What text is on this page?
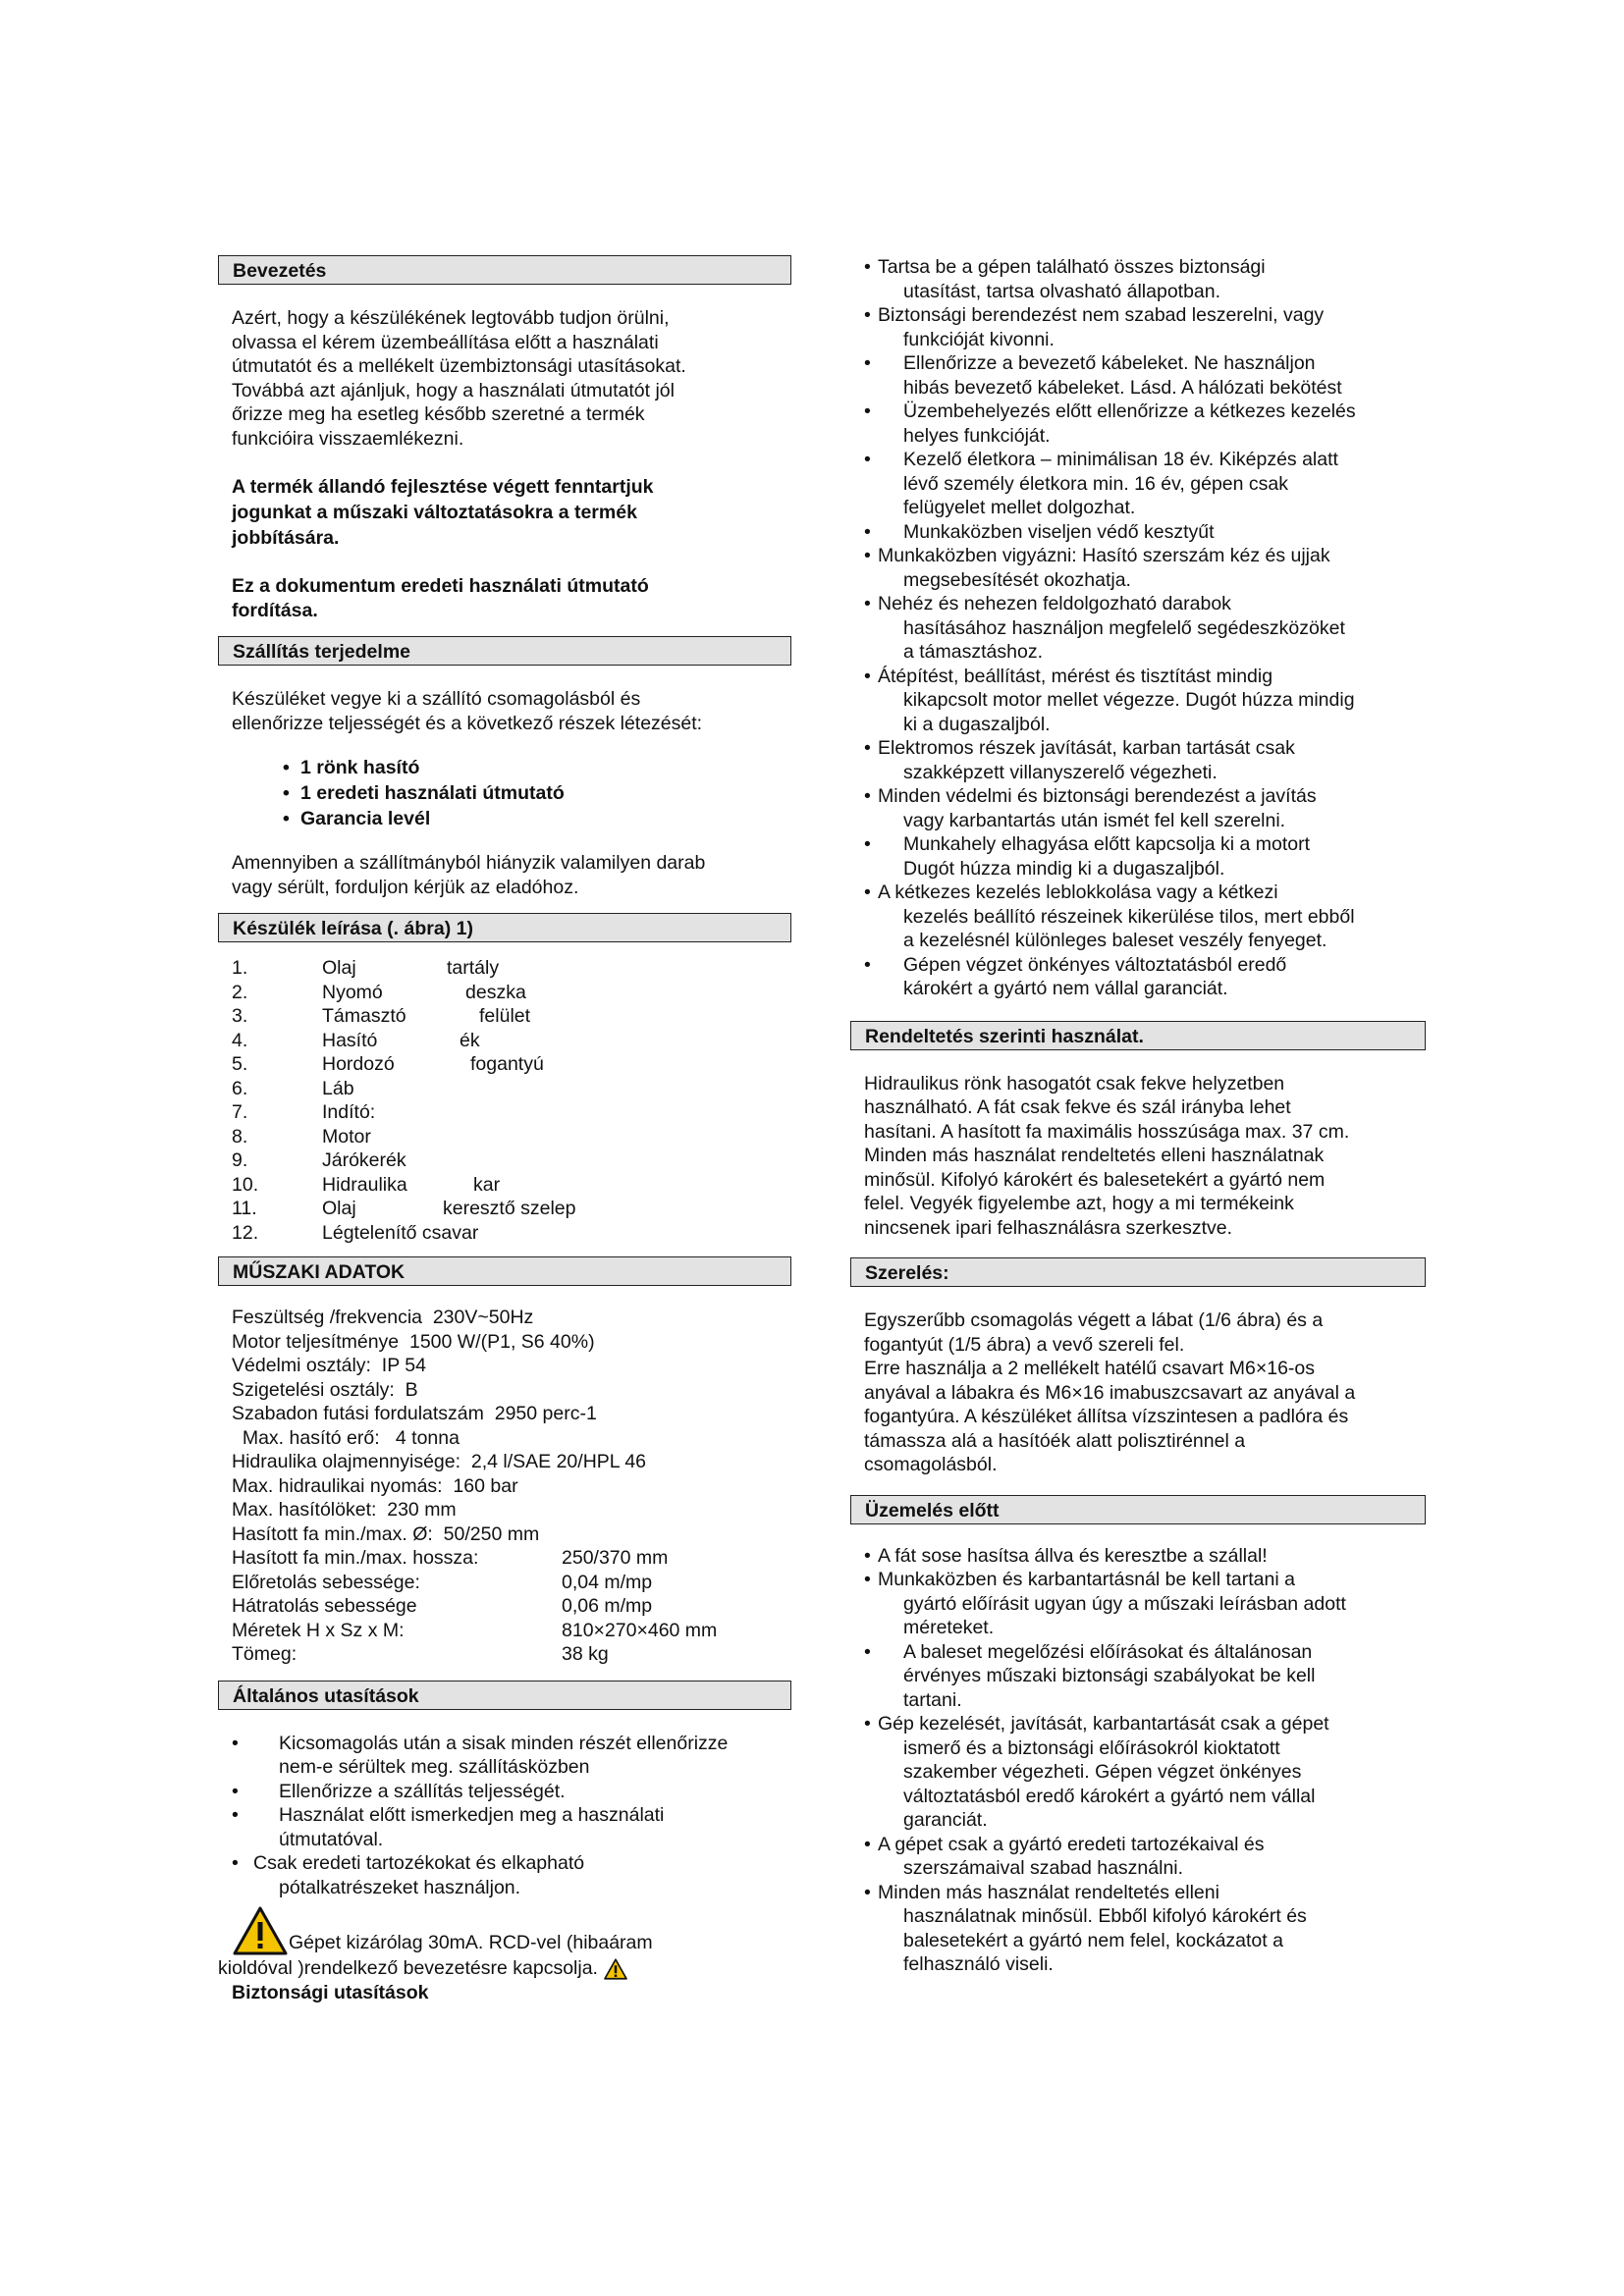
Bevezetés
Azért, hogy a készülékének legtovább tudjon örülni,
olvassa el kérem üzembeállítása előtt a használati
útmutatót és a mellékelt üzembiztonsági utasításokat.
Továbbá azt ajánljuk, hogy a használati útmutatót jól
őrizze meg ha esetleg később szeretné a termék
funkcióira visszaemlékezni.
A termék állandó fejlesztése végett fenntartjuk
jogunkat a műszaki változtatásokra a termék
jobbítására.
Ez a dokumentum eredeti használati útmutató
fordítása.
Szállítás terjedelme
Készüléket vegye ki a szállító csomagolásból és
ellenőrizze teljességét és a következő részek létezését:
• 1 rönk hasító
• 1 eredeti használati útmutató
• Garancia levél
Amennyiben a szállítmányból hiányzik valamilyen darab
vagy sérült, forduljon kérjük az eladóhoz.
Készülék leírása (. ábra) 1)
1.	Olaj	tartály
2.	Nyomó	deszka
3.	Támasztó	felület
4.	Hasító	ék
5.	Hordozó	fogantyú
6.	Láb
7.	Indító:
8.	Motor
9.	Járókerék
10.	Hidraulika	kar
11.	Olaj	keresztő szelep
12.	Légtelenítő csavar
MŰSZAKI ADATOK
Feszültség /frekvencia  230V~50Hz
Motor teljesítménye  1500 W/(P1, S6 40%)
Védelmi osztály:  IP 54
Szigetelési osztály:  B
Szabadon futási fordulatszám  2950 perc-1
Max. hasító erő:   4 tonna
Hidraulika olajmennyisége:  2,4 l/SAE 20/HPL 46
Max. hidraulikai nyomás:  160 bar
Max. hasítólöket:  230 mm
Hasított fa min./max. Ø:  50/250 mm
Hasított fa min./max. hossza:	250/370 mm
Előretolás sebessége:	0,04 m/mp
Hátratolás sebessége	0,06 m/mp
Méretek H x Sz x M:	810×270×460 mm
Tömeg:	38 kg
Általános utasítások
• Kicsomagolás után a sisak minden részét ellenőrizze
nem-e sérültek meg. szállításközben
• Ellenőrizze a szállítás teljességét.
• Használat előtt ismerkedjen meg a használati
útmutatóval.
• Csak eredeti tartozékokat és elkapható
pótalkatrészeket használjon.
Gépet kizárólag 30mA. RCD-vel (hibaáram
kioldóval )rendelkező bevezetésre kapcsolja.
Biztonsági utasítások
• Tartsa be a gépen található összes biztonsági
utasítást, tartsa olvasható állapotban.
• Biztonsági berendezést nem szabad leszerelni, vagy
funkcióját kivonni.
• Ellenőrizze a bevezető kábeleket. Ne használjon
hibás bevezető kábeleket. Lásd. A hálózati bekötést
• Üzembehelyezés előtt ellenőrizze a kétkezes kezelés
helyes funkcióját.
• Kezelő életkora – minimálisan 18 év. Kiképzés alatt
lévő személy életkora min. 16 év, gépen csak
felügyelet mellet dolgozhat.
• Munkaközben viseljen védő kesztyűt
• Munkaközben vigyázni: Hasító szerszám kéz és ujjak
megsebesítését okozhatja.
• Nehéz és nehezen feldolgozható darabok
hasításához használjon megfelelő segédeszközöket
a támasztáshoz.
• Átépítést, beállítást, mérést és tisztítást mindig
kikapcsolt motor mellet végezze. Dugót húzza mindig
ki a dugaszaljból.
• Elektromos részek javítását, karban tartását csak
szakképzett villanyszerelő végezheti.
• Minden védelmi és biztonsági berendezést a javítás
vagy karbantartás után ismét fel kell szerelni.
• Munkahely elhagyása előtt kapcsolja ki a motort
Dugót húzza mindig ki a dugaszaljból.
• A kétkezes kezelés leblokkolása vagy a kétkezi
kezelés beállító részeinek kikerülése tilos, mert ebből
a kezelésnél különleges baleset veszély fenyeget.
• Gépen végzet önkényes változtatásból eredő
károkért a gyártó nem vállal garanciát.
Rendeltetés szerinti használat.
Hidraulikus rönk hasogatót csak fekve helyzetben
használható. A fát csak fekve és szál irányba lehet
hasítani. A hasított fa maximális hosszúsága max. 37 cm.
Minden más használat rendeltetés elleni használatnak
minősül. Kifolyó károkért és balesetekért a gyártó nem
felel. Vegyék figyelembe azt, hogy a mi termékeink
nincsenek ipari felhasználásra szerkesztve.
Szerelés:
Egyszerűbb csomagolás végett a lábat (1/6 ábra) és a
fogantyút (1/5 ábra) a vevő szereli fel.
Erre használja a 2 mellékelt hatélű csavart M6×16-os
anyával a lábakra és M6×16 imabuszcsavart az anyával a
fogantyúra. A készüléket állítsa vízszintesen a padlóra és
támassza alá a hasítóék alatt polisztirénnel a
csomagolásból.
Üzemelés előtt
• A fát sose hasítsa állva és keresztbe a szállal!
• Munkaközben és karbantartásnál be kell tartani a
gyártó előírásit ugyan úgy a műszaki leírásban adott
méreteket.
• A baleset megelőzési előírásokat és általánosan
érvényes műszaki biztonsági szabályokat be kell
tartani.
• Gép kezelését, javítását, karbantartását csak a gépet
ismerő és a biztonsági előírásokról kioktatott
szakember végezheti. Gépen végzet önkényes
változtatásból eredő károkért a gyártó nem vállal
garanciát.
• A gépet csak a gyártó eredeti tartozékaival és
szerszámaival szabad használni.
• Minden más használat rendeltetés elleni
használatnak minősül. Ebből kifolyó károkért és
balesetekért a gyártó nem felel, kockázatot a
felhasználó viseli.
